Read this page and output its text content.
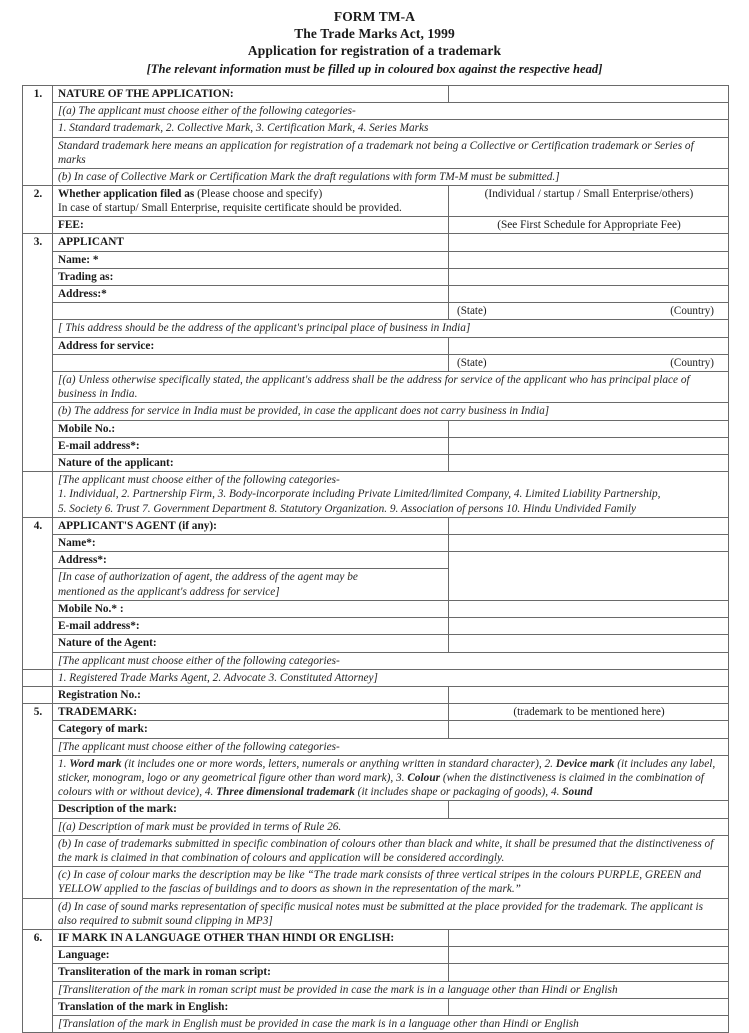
FORM TM-A
The Trade Marks Act, 1999
Application for registration of a trademark
[The relevant information must be filled up in coloured box against the respective head]
1.	NATURE OF THE APPLICATION:	
	[(a) The applicant must choose either of the following categories-	
	1. Standard trademark, 2. Collective Mark, 3. Certification Mark, 4. Series Marks	
	Standard trademark here means an application for registration of a trademark not being a Collective or Certification trademark or Series of marks	
	(b) In case of Collective Mark or Certification Mark the draft regulations with form TM-M must be submitted.]	
2.	Whether application filed as (Please choose and specify)
In case of startup/ Small Enterprise, requisite certificate should be provided.	(Individual / startup / Small Enterprise/others)
	FEE:	(See First Schedule for Appropriate Fee)
3.	APPLICANT	
	Name: *	
	Trading as:	
	Address:*	

		(State) (Country)

	[ This address should be the address of the applicant's principal place of business in India]	
	Address for service:	

		(State) (Country)

	[(a) Unless otherwise specifically stated, the applicant's address shall be the address for service of the applicant who has principal place of business in India.	
	(b) The address for service in India must be provided, in case the applicant does not carry business in India]	
	Mobile No.:	
	E-mail address*:	
	Nature of the applicant:	

	[The applicant must choose either of the following categories-
1. Individual, 2. Partnership Firm, 3. Body-incorporate including Private Limited/limited Company, 4. Limited Liability Partnership,
5. Society 6. Trust 7. Government Department 8. Statutory Organization. 9. Association of persons 10. Hindu Undivided Family	

4.	APPLICANT'S AGENT (if any):	
	Name*:	
	Address*:	

	[In case of authorization of agent, the address of the agent may be
mentioned as the applicant's address for service]	

	Mobile No.* :	
	E-mail address*:	
	Nature of the Agent:	
	[The applicant must choose either of the following categories-	
	1. Registered Trade Marks Agent, 2. Advocate 3. Constituted Attorney]	
	Registration No.:	
5.	TRADEMARK:	(trademark to be mentioned here)
	Category of mark:	
	[The applicant must choose either of the following categories-	
	1. Word mark (it includes one or more words, letters, numerals or anything written in standard character), 2. Device mark (it includes any label, sticker, monogram, logo or any geometrical figure other than word mark), 3. Colour (when the distinctiveness is claimed in the combination of colours with or without device), 4. Three dimensional trademark (it includes shape or packaging of goods), 4. Sound	
	Description of the mark:	
	[(a) Description of mark must be provided in terms of Rule 26.	
	(b) In case of trademarks submitted in specific combination of colours other than black and white, it shall be presumed that the distinctiveness of the mark is claimed in that combination of colours and application will be considered accordingly.	
	(c) In case of colour marks the description may be like “The trade mark consists of three vertical stripes in the colours PURPLE, GREEN and YELLOW applied to the fascias of buildings and to doors as shown in the representation of the mark.”	
	(d) In case of sound marks representation of specific musical notes must be submitted at the place provided for the trademark. The applicant is also required to submit sound clipping in MP3]	
6.	IF MARK IN A LANGUAGE OTHER THAN HINDI OR ENGLISH:	
	Language:	
	Transliteration of the mark in roman script:	
	[Transliteration of the mark in roman script must be provided in case the mark is in a language other than Hindi or English	
	Translation of the mark in English:	
	[Translation of the mark in English must be provided in case the mark is in a language other than Hindi or English	
